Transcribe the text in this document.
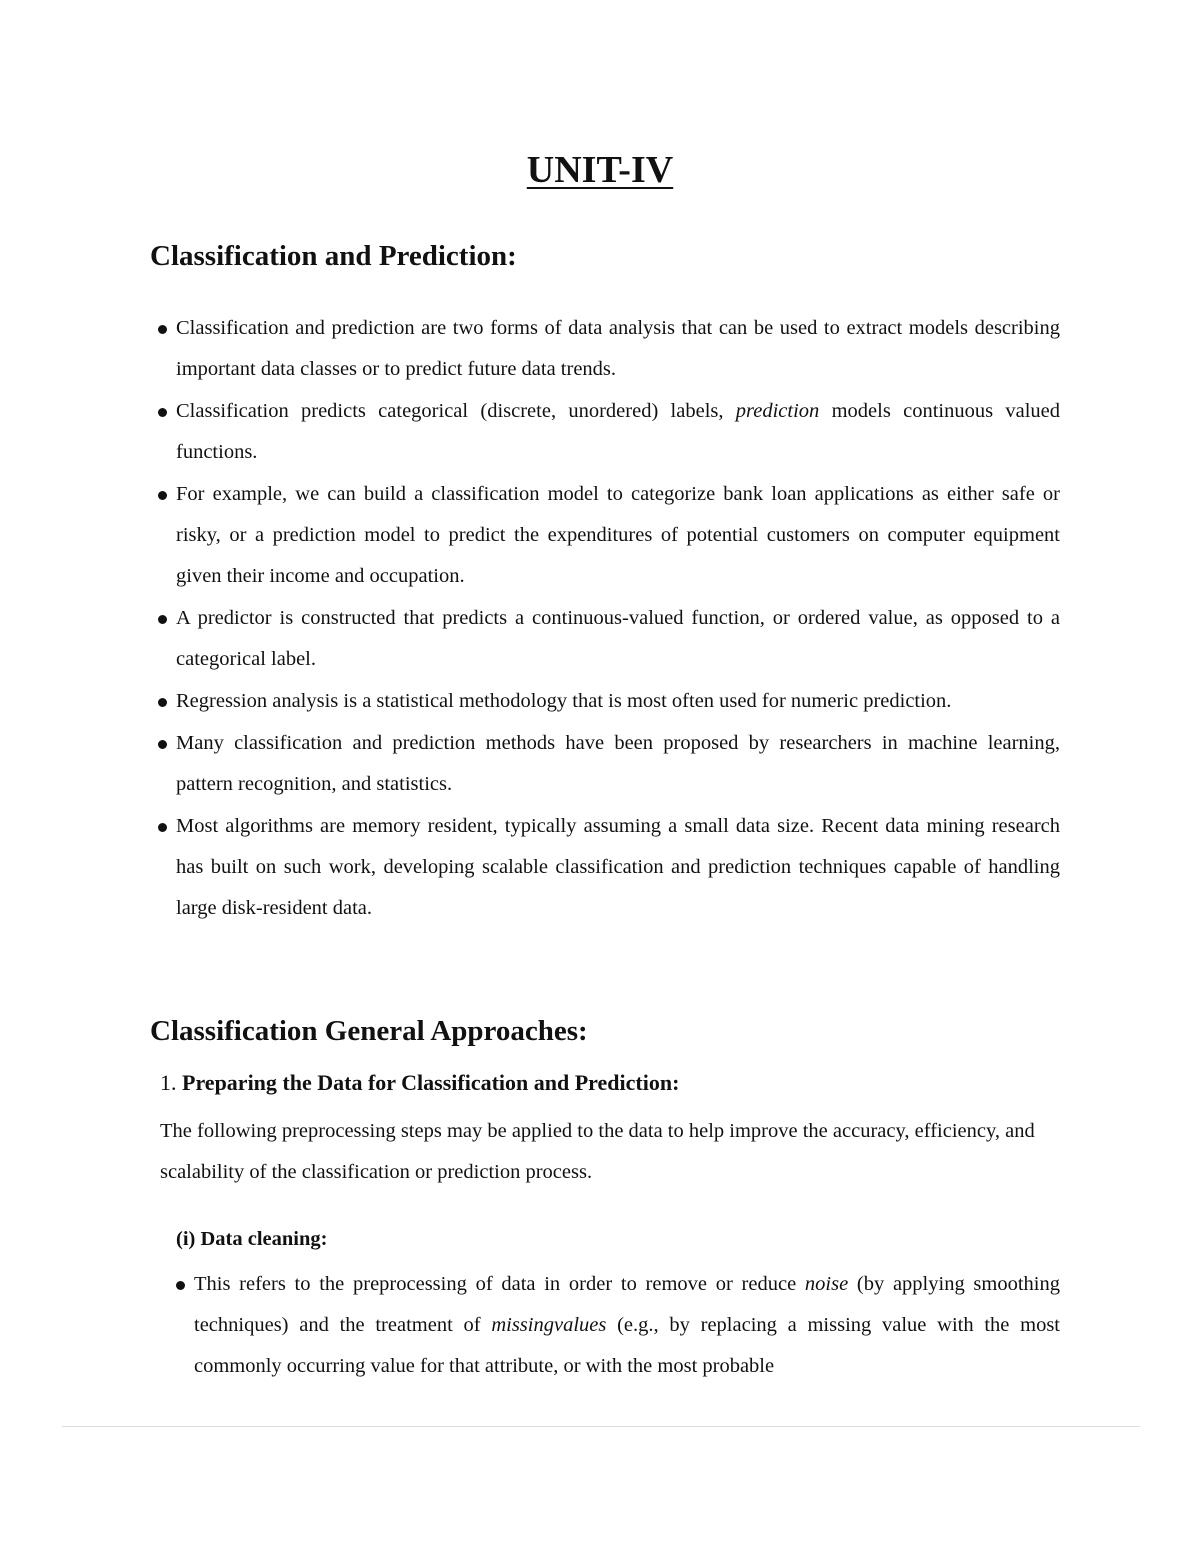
UNIT-IV
Classification and Prediction:
Classification and prediction are two forms of data analysis that can be used to extract models describing important data classes or to predict future data trends.
Classification predicts categorical (discrete, unordered) labels, prediction models continuous valued functions.
For example, we can build a classification model to categorize bank loan applications as either safe or risky, or a prediction model to predict the expenditures of potential customers on computer equipment given their income and occupation.
A predictor is constructed that predicts a continuous-valued function, or ordered value, as opposed to a categorical label.
Regression analysis is a statistical methodology that is most often used for numeric prediction.
Many classification and prediction methods have been proposed by researchers in machine learning, pattern recognition, and statistics.
Most algorithms are memory resident, typically assuming a small data size. Recent data mining research has built on such work, developing scalable classification and prediction techniques capable of handling large disk-resident data.
Classification General Approaches:
1. Preparing the Data for Classification and Prediction:

The following preprocessing steps may be applied to the data to help improve the accuracy, efficiency, and scalability of the classification or prediction process.

(i) Data cleaning:
This refers to the preprocessing of data in order to remove or reduce noise (by applying smoothing techniques) and the treatment of missingvalues (e.g., by replacing a missing value with the most commonly occurring value for that attribute, or with the most probable
